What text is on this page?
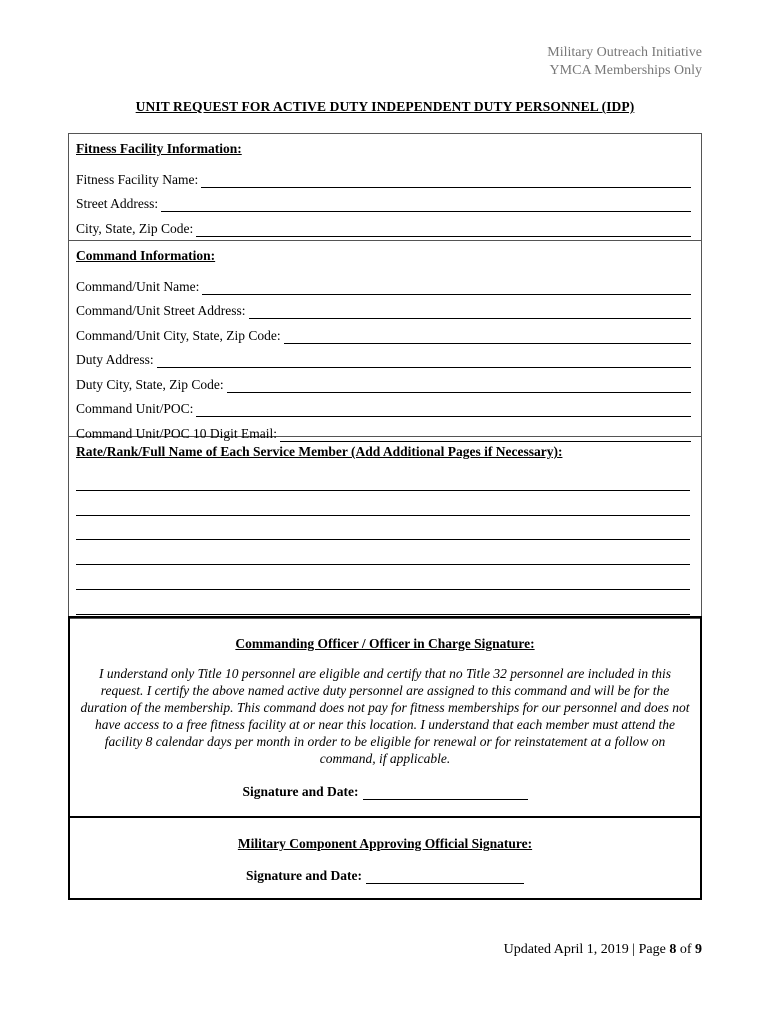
Military Outreach Initiative
YMCA Memberships Only
UNIT REQUEST FOR ACTIVE DUTY INDEPENDENT DUTY PERSONNEL (IDP)
Fitness Facility Information:
Fitness Facility Name:
Street Address:
City, State, Zip Code:
Command Information:
Command/Unit Name:
Command/Unit Street Address:
Command/Unit City, State, Zip Code:
Duty Address:
Duty City, State, Zip Code:
Command Unit/POC:
Command Unit/POC 10 Digit Email:
Rate/Rank/Full Name of Each Service Member (Add Additional Pages if Necessary):
Commanding Officer / Officer in Charge Signature:
I understand only Title 10 personnel are eligible and certify that no Title 32 personnel are included in this request. I certify the above named active duty personnel are assigned to this command and will be for the duration of the membership. This command does not pay for fitness memberships for our personnel and does not have access to a free fitness facility at or near this location. I understand that each member must attend the facility 8 calendar days per month in order to be eligible for renewal or for reinstatement at a follow on command, if applicable.
Signature and Date:
Military Component Approving Official Signature:
Signature and Date:
Updated April 1, 2019 | Page 8 of 9
